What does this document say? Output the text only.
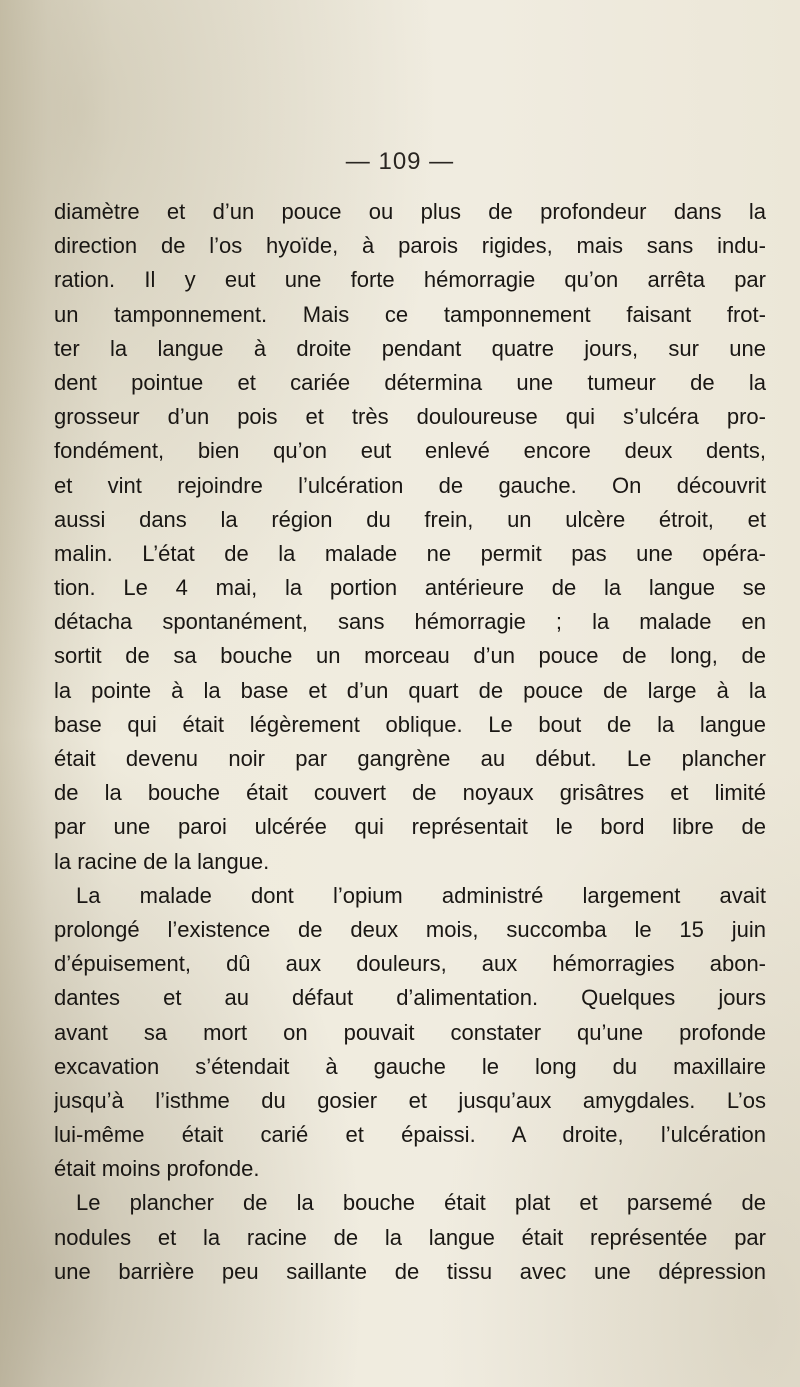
— 109 —
diamètre et d’un pouce ou plus de profondeur dans la
direction de l’os hyoïde, à parois rigides, mais sans indu-
ration. Il y eut une forte hémorragie qu’on arrêta par
un tamponnement. Mais ce tamponnement faisant frot-
ter la langue à droite pendant quatre jours, sur une
dent pointue et cariée détermina une tumeur de la
grosseur d’un pois et très douloureuse qui s’ulcéra pro-
fondément, bien qu’on eut enlevé encore deux dents,
et vint rejoindre l’ulcération de gauche. On découvrit
aussi dans la région du frein, un ulcère étroit, et
malin. L’état de la malade ne permit pas une opéra-
tion. Le 4 mai, la portion antérieure de la langue se
détacha spontanément, sans hémorragie ; la malade en
sortit de sa bouche un morceau d’un pouce de long, de
la pointe à la base et d’un quart de pouce de large à la
base qui était légèrement oblique. Le bout de la langue
était devenu noir par gangrène au début. Le plancher
de la bouche était couvert de noyaux grisâtres et limité
par une paroi ulcérée qui représentait le bord libre de
la racine de la langue.
La malade dont l’opium administré largement avait
prolongé l’existence de deux mois, succomba le 15 juin
d’épuisement, dû aux douleurs, aux hémorragies abon-
dantes et au défaut d’alimentation. Quelques jours
avant sa mort on pouvait constater qu’une profonde
excavation s’étendait à gauche le long du maxillaire
jusqu’à l’isthme du gosier et jusqu’aux amygdales. L’os
lui-même était carié et épaissi. A droite, l’ulcération
était moins profonde.
Le plancher de la bouche était plat et parsemé de
nodules et la racine de la langue était représentée par
une barrière peu saillante de tissu avec une dépression
